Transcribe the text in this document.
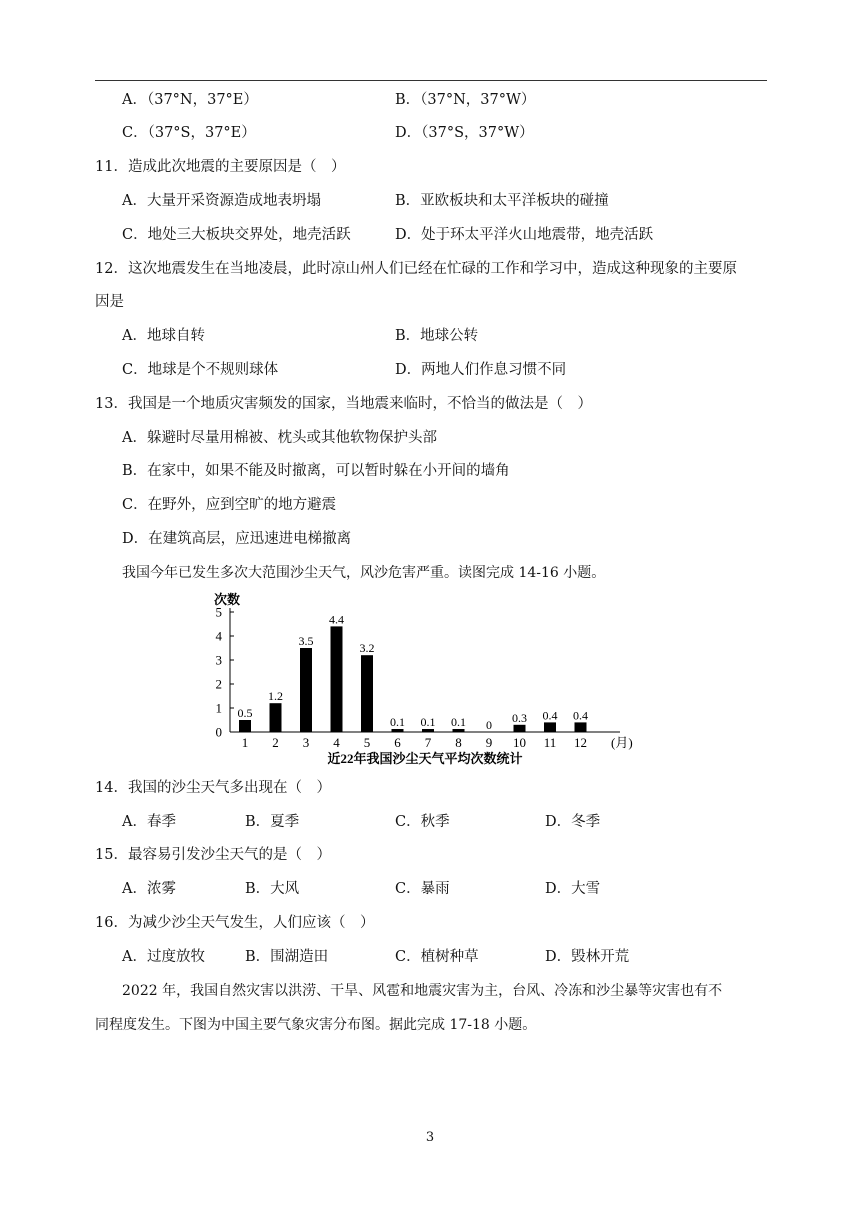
A．（37°N，37°E）	B．（37°N，37°W）
C．（37°S，37°E）	D．（37°S，37°W）
11．造成此次地震的主要原因是（　）
A．大量开采资源造成地表坍塌	B．亚欧板块和太平洋板块的碰撞
C．地处三大板块交界处，地壳活跃	D．处于环太平洋火山地震带，地壳活跃
12．这次地震发生在当地凌晨，此时凉山州人们已经在忙碌的工作和学习中，造成这种现象的主要原
因是
A．地球自转	B．地球公转
C．地球是个不规则球体	D．两地人们作息习惯不同
13．我国是一个地质灾害频发的国家，当地震来临时，不恰当的做法是（　）
A．躲避时尽量用棉被、枕头或其他软物保护头部
B．在家中，如果不能及时撤离，可以暂时躲在小开间的墙角
C．在野外，应到空旷的地方避震
D．在建筑高层，应迅速进电梯撤离
我国今年已发生多次大范围沙尘天气，风沙危害严重。读图完成 14-16 小题。
次数
0
1
2
3
4
5
0.5
1.2
3.5
4.4
3.2
0.1 0.1 0.1 0
0.3 0.4 0.4
1 2 3 4 5 6 7 8 9 10 11 12 (月)
近22年我国沙尘天气平均次数统计
14．我国的沙尘天气多出现在（　）
A．春季	B．夏季	C．秋季	D．冬季
15．最容易引发沙尘天气的是（　）
A．浓雾	B．大风	C．暴雨	D．大雪
16．为减少沙尘天气发生，人们应该（　）
A．过度放牧	B．围湖造田	C．植树种草	D．毁林开荒
2022 年，我国自然灾害以洪涝、干旱、风雹和地震灾害为主，台风、冷冻和沙尘暴等灾害也有不
同程度发生。下图为中国主要气象灾害分布图。据此完成 17-18 小题。
3
